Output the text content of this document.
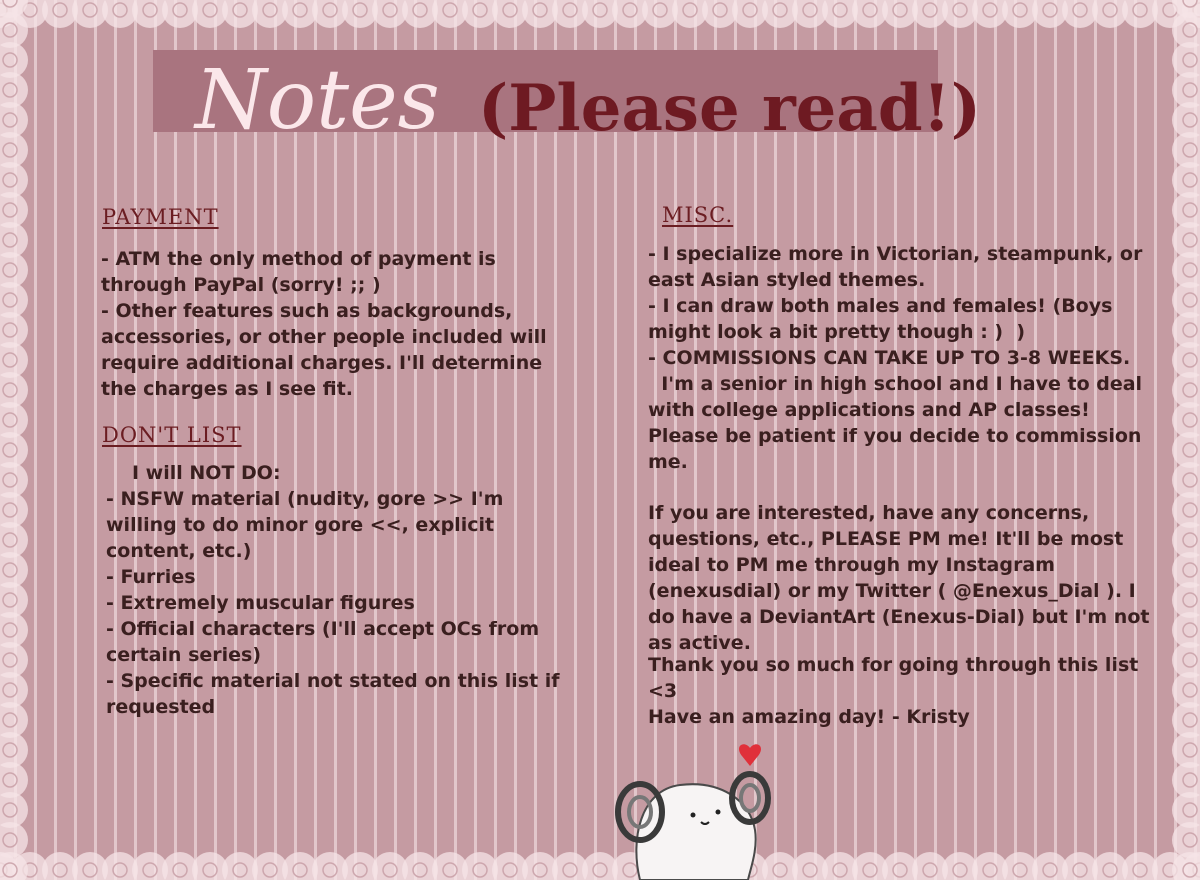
Notes (Please read!)
PAYMENT

- ATM the only method of payment is through PayPal (sorry! ;; )

- Other features such as backgrounds, accessories, or other people included will require additional charges. I'll determine the charges as I see fit.

DON'T LIST

I will NOT DO:

- NSFW material (nudity, gore >> I'm willing to do minor gore <<, explicit content, etc.)

- Furries

- Extremely muscular figures

- Official characters (I'll accept OCs from certain series)

- Specific material not stated on this list if requested

MISC.

- I specialize more in Victorian, steampunk, or east Asian styled themes.

- I can draw both males and females! (Boys might look a bit pretty though : )  )

- COMMISSIONS CAN TAKE UP TO 3-8 WEEKS.

I'm a senior in high school and I have to deal with college applications and AP classes! Please be patient if you decide to commission me.

If you are interested, have any concerns, questions, etc., PLEASE PM me! It'll be most ideal to PM me through my Instagram (enexusdial) or my Twitter ( @Enexus_Dial ). I do have a DeviantArt (Enexus-Dial) but I'm not as active.

Thank you so much for going through this list <3

Have an amazing day! - Kristy
